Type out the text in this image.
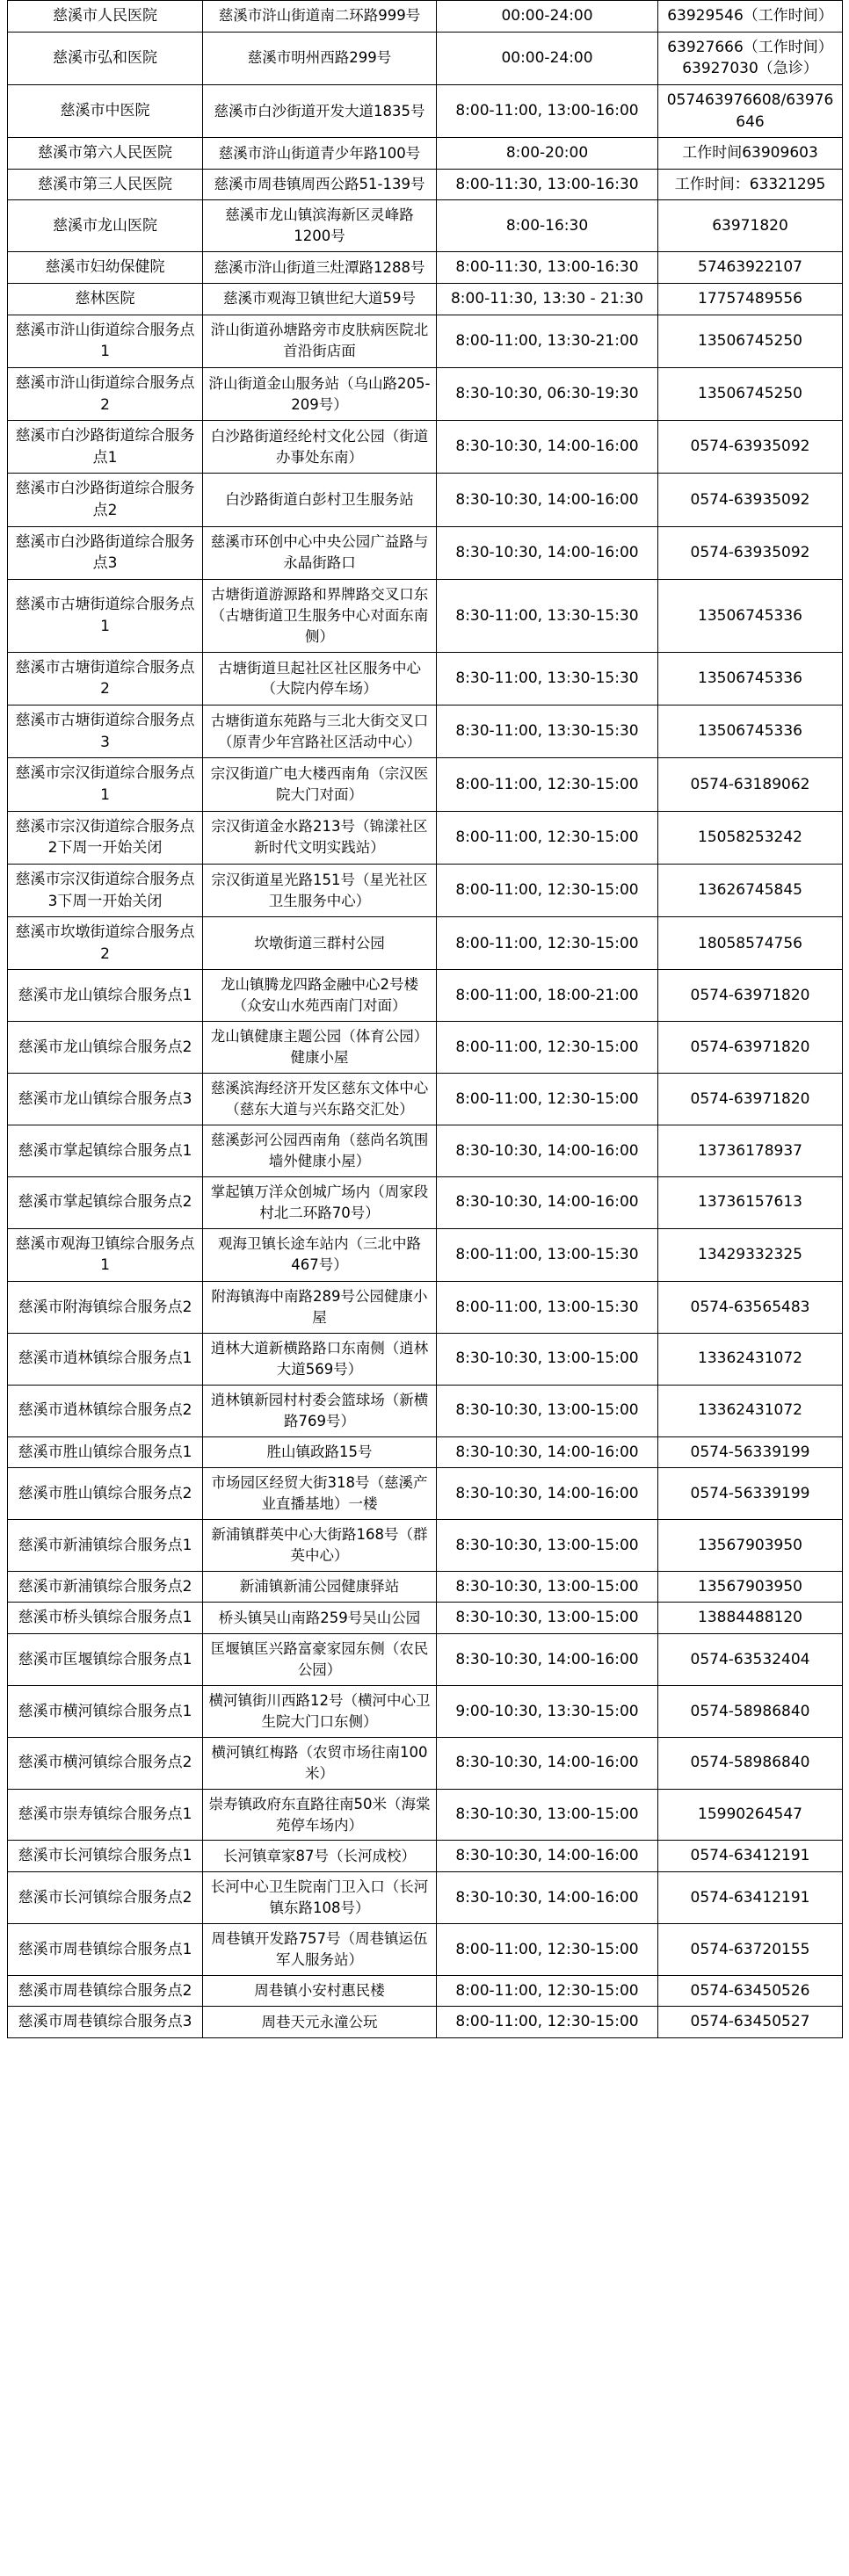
慈溪市人民医院	慈溪市浒山街道南二环路999号	00:00-24:00	63929546（工作时间）
慈溪市弘和医院	慈溪市明州西路299号	00:00-24:00	63927666（工作时间）63927030（急诊）
慈溪市中医院	慈溪市白沙街道开发大道1835号	8:00-11:00, 13:00-16:00	057463976608/63976646
慈溪市第六人民医院	慈溪市浒山街道青少年路100号	8:00-20:00	工作时间63909603
慈溪市第三人民医院	慈溪市周巷镇周西公路51-139号	8:00-11:30, 13:00-16:30	工作时间：63321295
慈溪市龙山医院	慈溪市龙山镇滨海新区灵峰路1200号	8:00-16:30	63971820
慈溪市妇幼保健院	慈溪市浒山街道三灶潭路1288号	8:00-11:30, 13:00-16:30	57463922107
慈林医院	慈溪市观海卫镇世纪大道59号	8:00-11:30, 13:30 - 21:30	17757489556
慈溪市浒山街道综合服务点1	浒山街道孙塘路旁市皮肤病医院北首沿街店面	8:00-11:00, 13:30-21:00	13506745250
慈溪市浒山街道综合服务点2	浒山街道金山服务站（乌山路205-209号）	8:30-10:30, 06:30-19:30	13506745250
慈溪市白沙路街道综合服务点1	白沙路街道经纶村文化公园（街道办事处东南）	8:30-10:30, 14:00-16:00	0574-63935092
慈溪市白沙路街道综合服务点2	白沙路街道白彭村卫生服务站	8:30-10:30, 14:00-16:00	0574-63935092
慈溪市白沙路街道综合服务点3	慈溪市环创中心中央公园广益路与永晶街路口	8:30-10:30, 14:00-16:00	0574-63935092
慈溪市古塘街道综合服务点1	古塘街道游源路和界牌路交叉口东（古塘街道卫生服务中心对面东南侧）	8:30-11:00, 13:30-15:30	13506745336
慈溪市古塘街道综合服务点2	古塘街道旦起社区社区服务中心（大院内停车场）	8:30-11:00, 13:30-15:30	13506745336
慈溪市古塘街道综合服务点3	古塘街道东苑路与三北大街交叉口（原青少年宫路社区活动中心）	8:30-11:00, 13:30-15:30	13506745336
慈溪市宗汉街道综合服务点1	宗汉街道广电大楼西南角（宗汉医院大门对面）	8:00-11:00, 12:30-15:00	0574-63189062
慈溪市宗汉街道综合服务点2下周一开始关闭	宗汉街道金水路213号（锦漾社区新时代文明实践站）	8:00-11:00, 12:30-15:00	15058253242
慈溪市宗汉街道综合服务点3下周一开始关闭	宗汉街道星光路151号（星光社区卫生服务中心）	8:00-11:00, 12:30-15:00	13626745845
慈溪市坎墩街道综合服务点2	坎墩街道三群村公园	8:00-11:00, 12:30-15:00	18058574756
慈溪市龙山镇综合服务点1	龙山镇腾龙四路金融中心2号楼（众安山水苑西南门对面）	8:00-11:00, 18:00-21:00	0574-63971820
慈溪市龙山镇综合服务点2	龙山镇健康主题公园（体育公园）健康小屋	8:00-11:00, 12:30-15:00	0574-63971820
慈溪市龙山镇综合服务点3	慈溪滨海经济开发区慈东文体中心（慈东大道与兴东路交汇处）	8:00-11:00, 12:30-15:00	0574-63971820
慈溪市掌起镇综合服务点1	慈溪彭河公园西南角（慈尚名筑围墙外健康小屋）	8:30-10:30, 14:00-16:00	13736178937
慈溪市掌起镇综合服务点2	掌起镇万洋众创城广场内（周家段村北二环路70号）	8:30-10:30, 14:00-16:00	13736157613
慈溪市观海卫镇综合服务点1	观海卫镇长途车站内（三北中路467号）	8:00-11:00, 13:00-15:30	13429332325
慈溪市附海镇综合服务点2	附海镇海中南路289号公园健康小屋	8:00-11:00, 13:00-15:30	0574-63565483
慈溪市逍林镇综合服务点1	逍林大道新横路路口东南侧（逍林大道569号）	8:30-10:30, 13:00-15:00	13362431072
慈溪市逍林镇综合服务点2	逍林镇新园村村委会篮球场（新横路769号）	8:30-10:30, 13:00-15:00	13362431072
慈溪市胜山镇综合服务点1	胜山镇政路15号	8:30-10:30, 14:00-16:00	0574-56339199
慈溪市胜山镇综合服务点2	市场园区经贸大街318号（慈溪产业直播基地）一楼	8:30-10:30, 14:00-16:00	0574-56339199
慈溪市新浦镇综合服务点1	新浦镇群英中心大街路168号（群英中心）	8:30-10:30, 13:00-15:00	13567903950
慈溪市新浦镇综合服务点2	新浦镇新浦公园健康驿站	8:30-10:30, 13:00-15:00	13567903950
慈溪市桥头镇综合服务点1	桥头镇吴山南路259号吴山公园	8:30-10:30, 13:00-15:00	13884488120
慈溪市匡堰镇综合服务点1	匡堰镇匡兴路富豪家园东侧（农民公园）	8:30-10:30, 14:00-16:00	0574-63532404
慈溪市横河镇综合服务点1	横河镇街川西路12号（横河中心卫生院大门口东侧）	9:00-10:30, 13:30-15:00	0574-58986840
慈溪市横河镇综合服务点2	横河镇红梅路（农贸市场往南100米）	8:30-10:30, 14:00-16:00	0574-58986840
慈溪市崇寿镇综合服务点1	崇寿镇政府东直路往南50米（海棠苑停车场内）	8:30-10:30, 13:00-15:00	15990264547
慈溪市长河镇综合服务点1	长河镇章家87号（长河成校）	8:30-10:30, 14:00-16:00	0574-63412191
慈溪市长河镇综合服务点2	长河中心卫生院南门卫入口（长河镇东路108号）	8:30-10:30, 14:00-16:00	0574-63412191
慈溪市周巷镇综合服务点1	周巷镇开发路757号（周巷镇运伍军人服务站）	8:00-11:00, 12:30-15:00	0574-63720155
慈溪市周巷镇综合服务点2	周巷镇小安村惠民楼	8:00-11:00, 12:30-15:00	0574-63450526
慈溪市周巷镇综合服务点3	周巷天元永潼公玩	8:00-11:00, 12:30-15:00	0574-63450527
